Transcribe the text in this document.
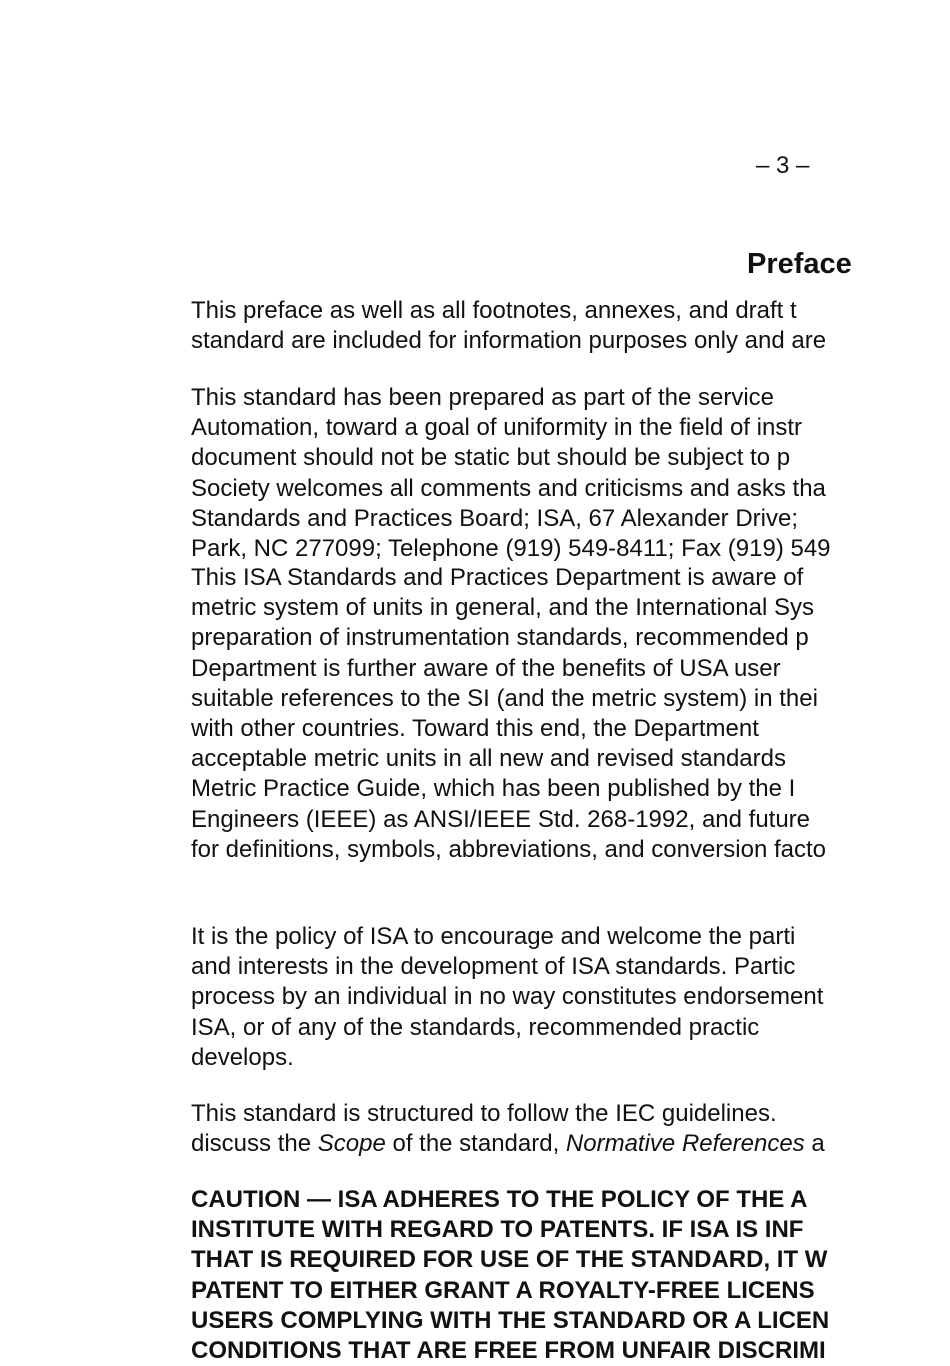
– 3 –
Preface
This preface as well as all footnotes, annexes, and draft t
standard are included for information purposes only and are
This standard has been prepared as part of the service
Automation, toward a goal of uniformity in the field of instr
document should not be static but should be subject to p
Society welcomes all comments and criticisms and asks tha
Standards and Practices Board; ISA, 67 Alexander Drive;
Park, NC 277099; Telephone (919) 549-8411; Fax (919) 549
This ISA Standards and Practices Department is aware of
metric system of units in general, and the International Sys
preparation of instrumentation standards, recommended p
Department is further aware of the benefits of USA user
suitable references to the SI (and the metric system) in thei
with other countries. Toward this end, the Department
acceptable metric units in all new and revised standards
Metric Practice Guide, which has been published by the I
Engineers (IEEE) as ANSI/IEEE Std. 268-1992, and future
for definitions, symbols, abbreviations, and conversion facto
It is the policy of ISA to encourage and welcome the parti
and interests in the development of ISA standards. Partic
process by an individual in no way constitutes endorsement
ISA, or of any of the standards, recommended practic
develops.
This standard is structured to follow the IEC guidelines.
discuss the Scope of the standard, Normative References a
CAUTION — ISA ADHERES TO THE POLICY OF THE A
INSTITUTE WITH REGARD TO PATENTS. IF ISA IS INF
THAT IS REQUIRED FOR USE OF THE STANDARD, IT W
PATENT TO EITHER GRANT A ROYALTY-FREE LICENS
USERS COMPLYING WITH THE STANDARD OR A LICEN
CONDITIONS THAT ARE FREE FROM UNFAIR DISCRIMI
